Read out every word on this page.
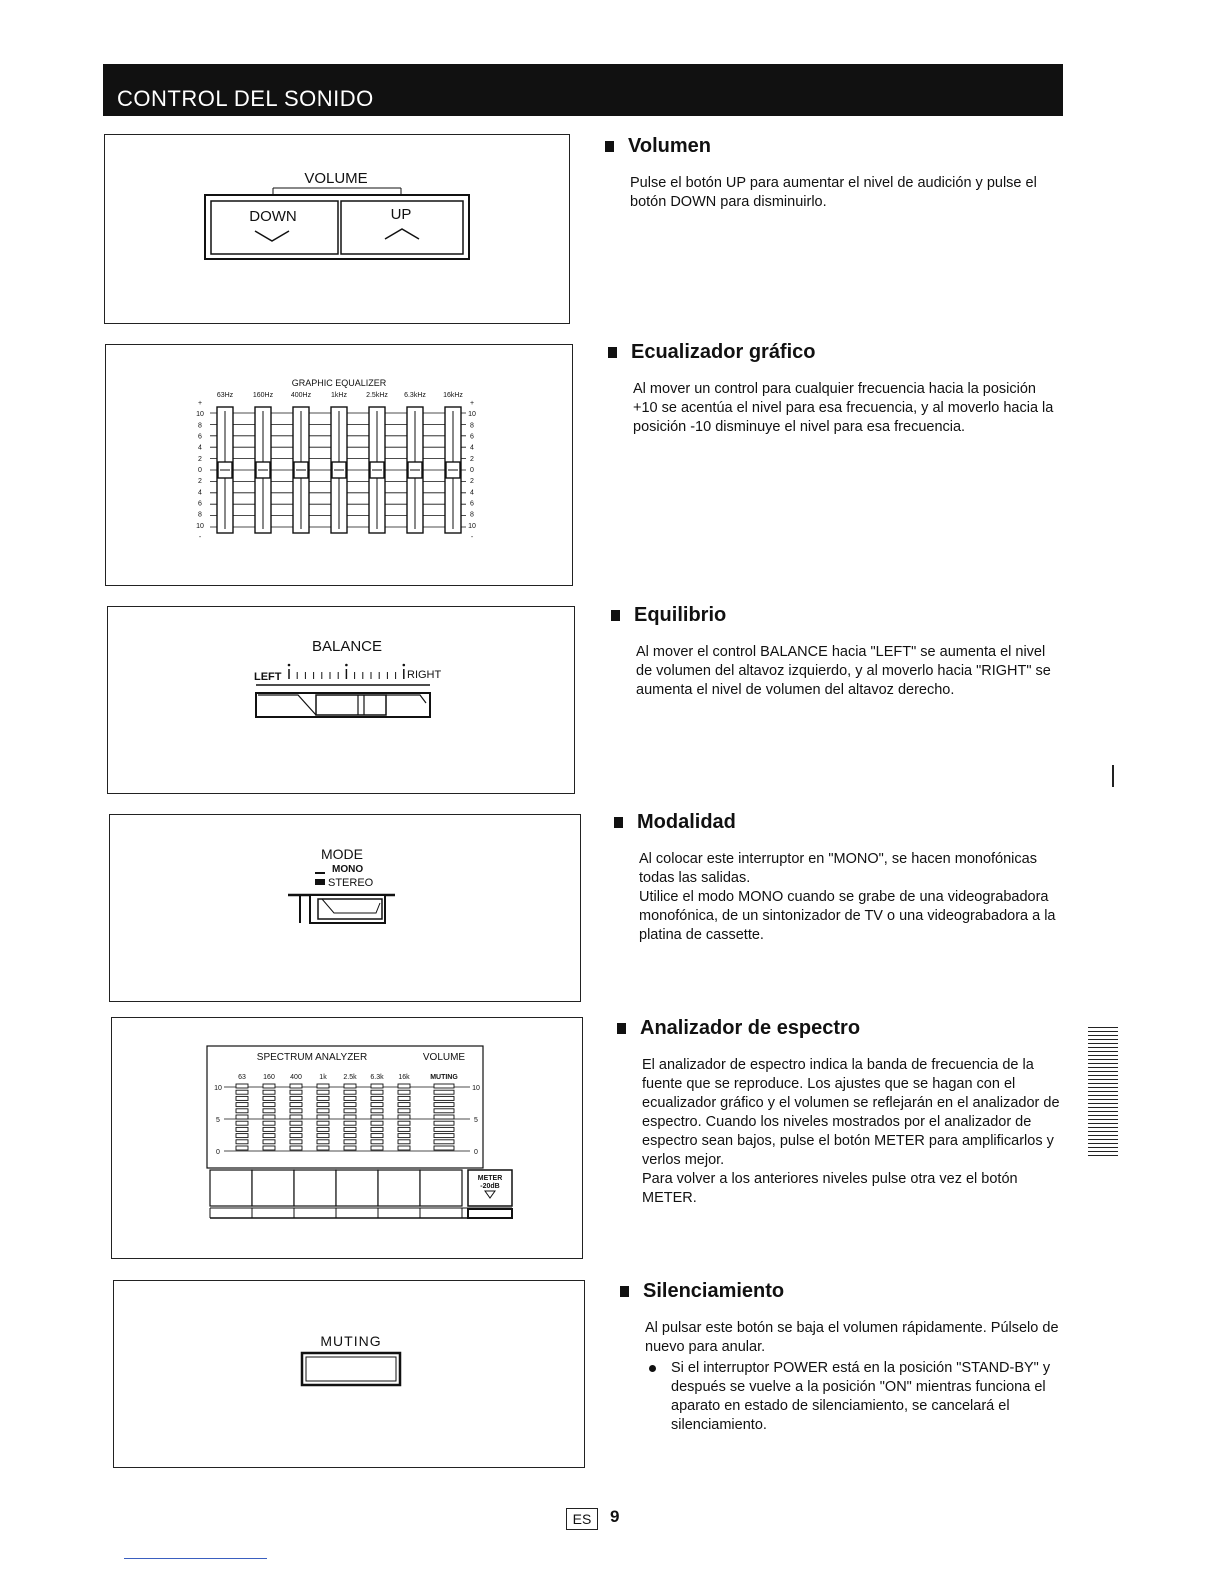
CONTROL DEL SONIDO
VOLUME
DOWN	UP
GRAPHIC EQUALIZER
63Hz	160Hz	400Hz	1kHz	2.5kHz 6.3kHz 16kHz
+
10
8
6
4
2
0
2
4
6
8
10
-
+
10
8
6
4
2
0
2
4
6
8
10
-
BALANCE
LEFT	RIGHT
MODE
MONO
STEREO
SPECTRUM ANALYZER	VOLUME
MUTING
63 160 400 1k 2.5k 6.3k 16k
10	10
5	5
0	0
METER
-20dB
MUTING
Volumen

Pulse el botón UP para aumentar el nivel de audición y pulse el botón DOWN para disminuirlo.

Ecualizador gráfico

Al mover un control para cualquier frecuencia hacia la posición +10 se acentúa el nivel para esa frecuencia, y al moverlo hacia la posición -10 disminuye el nivel para esa frecuencia.

Equilibrio

Al mover el control BALANCE hacia "LEFT" se aumenta el nivel de volumen del altavoz izquierdo, y al moverlo hacia "RIGHT" se aumenta el nivel de volumen del altavoz derecho.

Modalidad

Al colocar este interruptor en "MONO", se hacen monofónicas todas las salidas.

Utilice el modo MONO cuando se grabe de una videograbadora monofónica, de un sintonizador de TV o una videograbadora a la platina de cassette.

Analizador de espectro

El analizador de espectro indica la banda de frecuencia de la fuente que se reproduce. Los ajustes que se hagan con el ecualizador gráfico y el volumen se reflejarán en el analizador de espectro. Cuando los niveles mostrados por el analizador de espectro sean bajos, pulse el botón METER para amplificarlos y verlos mejor.

Para volver a los anteriores niveles pulse otra vez el botón METER.

Silenciamiento

Al pulsar este botón se baja el volumen rápidamente. Púlselo de nuevo para anular.

Si el interruptor POWER está en la posición "STAND-BY" y después se vuelve a la posición "ON" mientras funciona el aparato en estado de silenciamiento, se cancelará el silenciamiento.
ES	9
